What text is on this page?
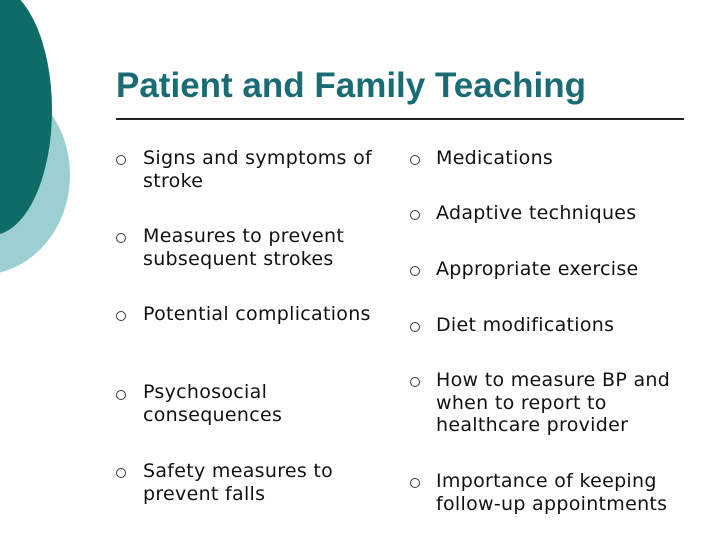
Patient and Family Teaching
Signs and symptoms of stroke
Measures to prevent subsequent strokes
Potential complications
Psychosocial consequences
Safety measures to prevent falls
Medications
Adaptive techniques
Appropriate exercise
Diet modifications
How to measure BP and when to report to healthcare provider
Importance of keeping follow-up appointments
